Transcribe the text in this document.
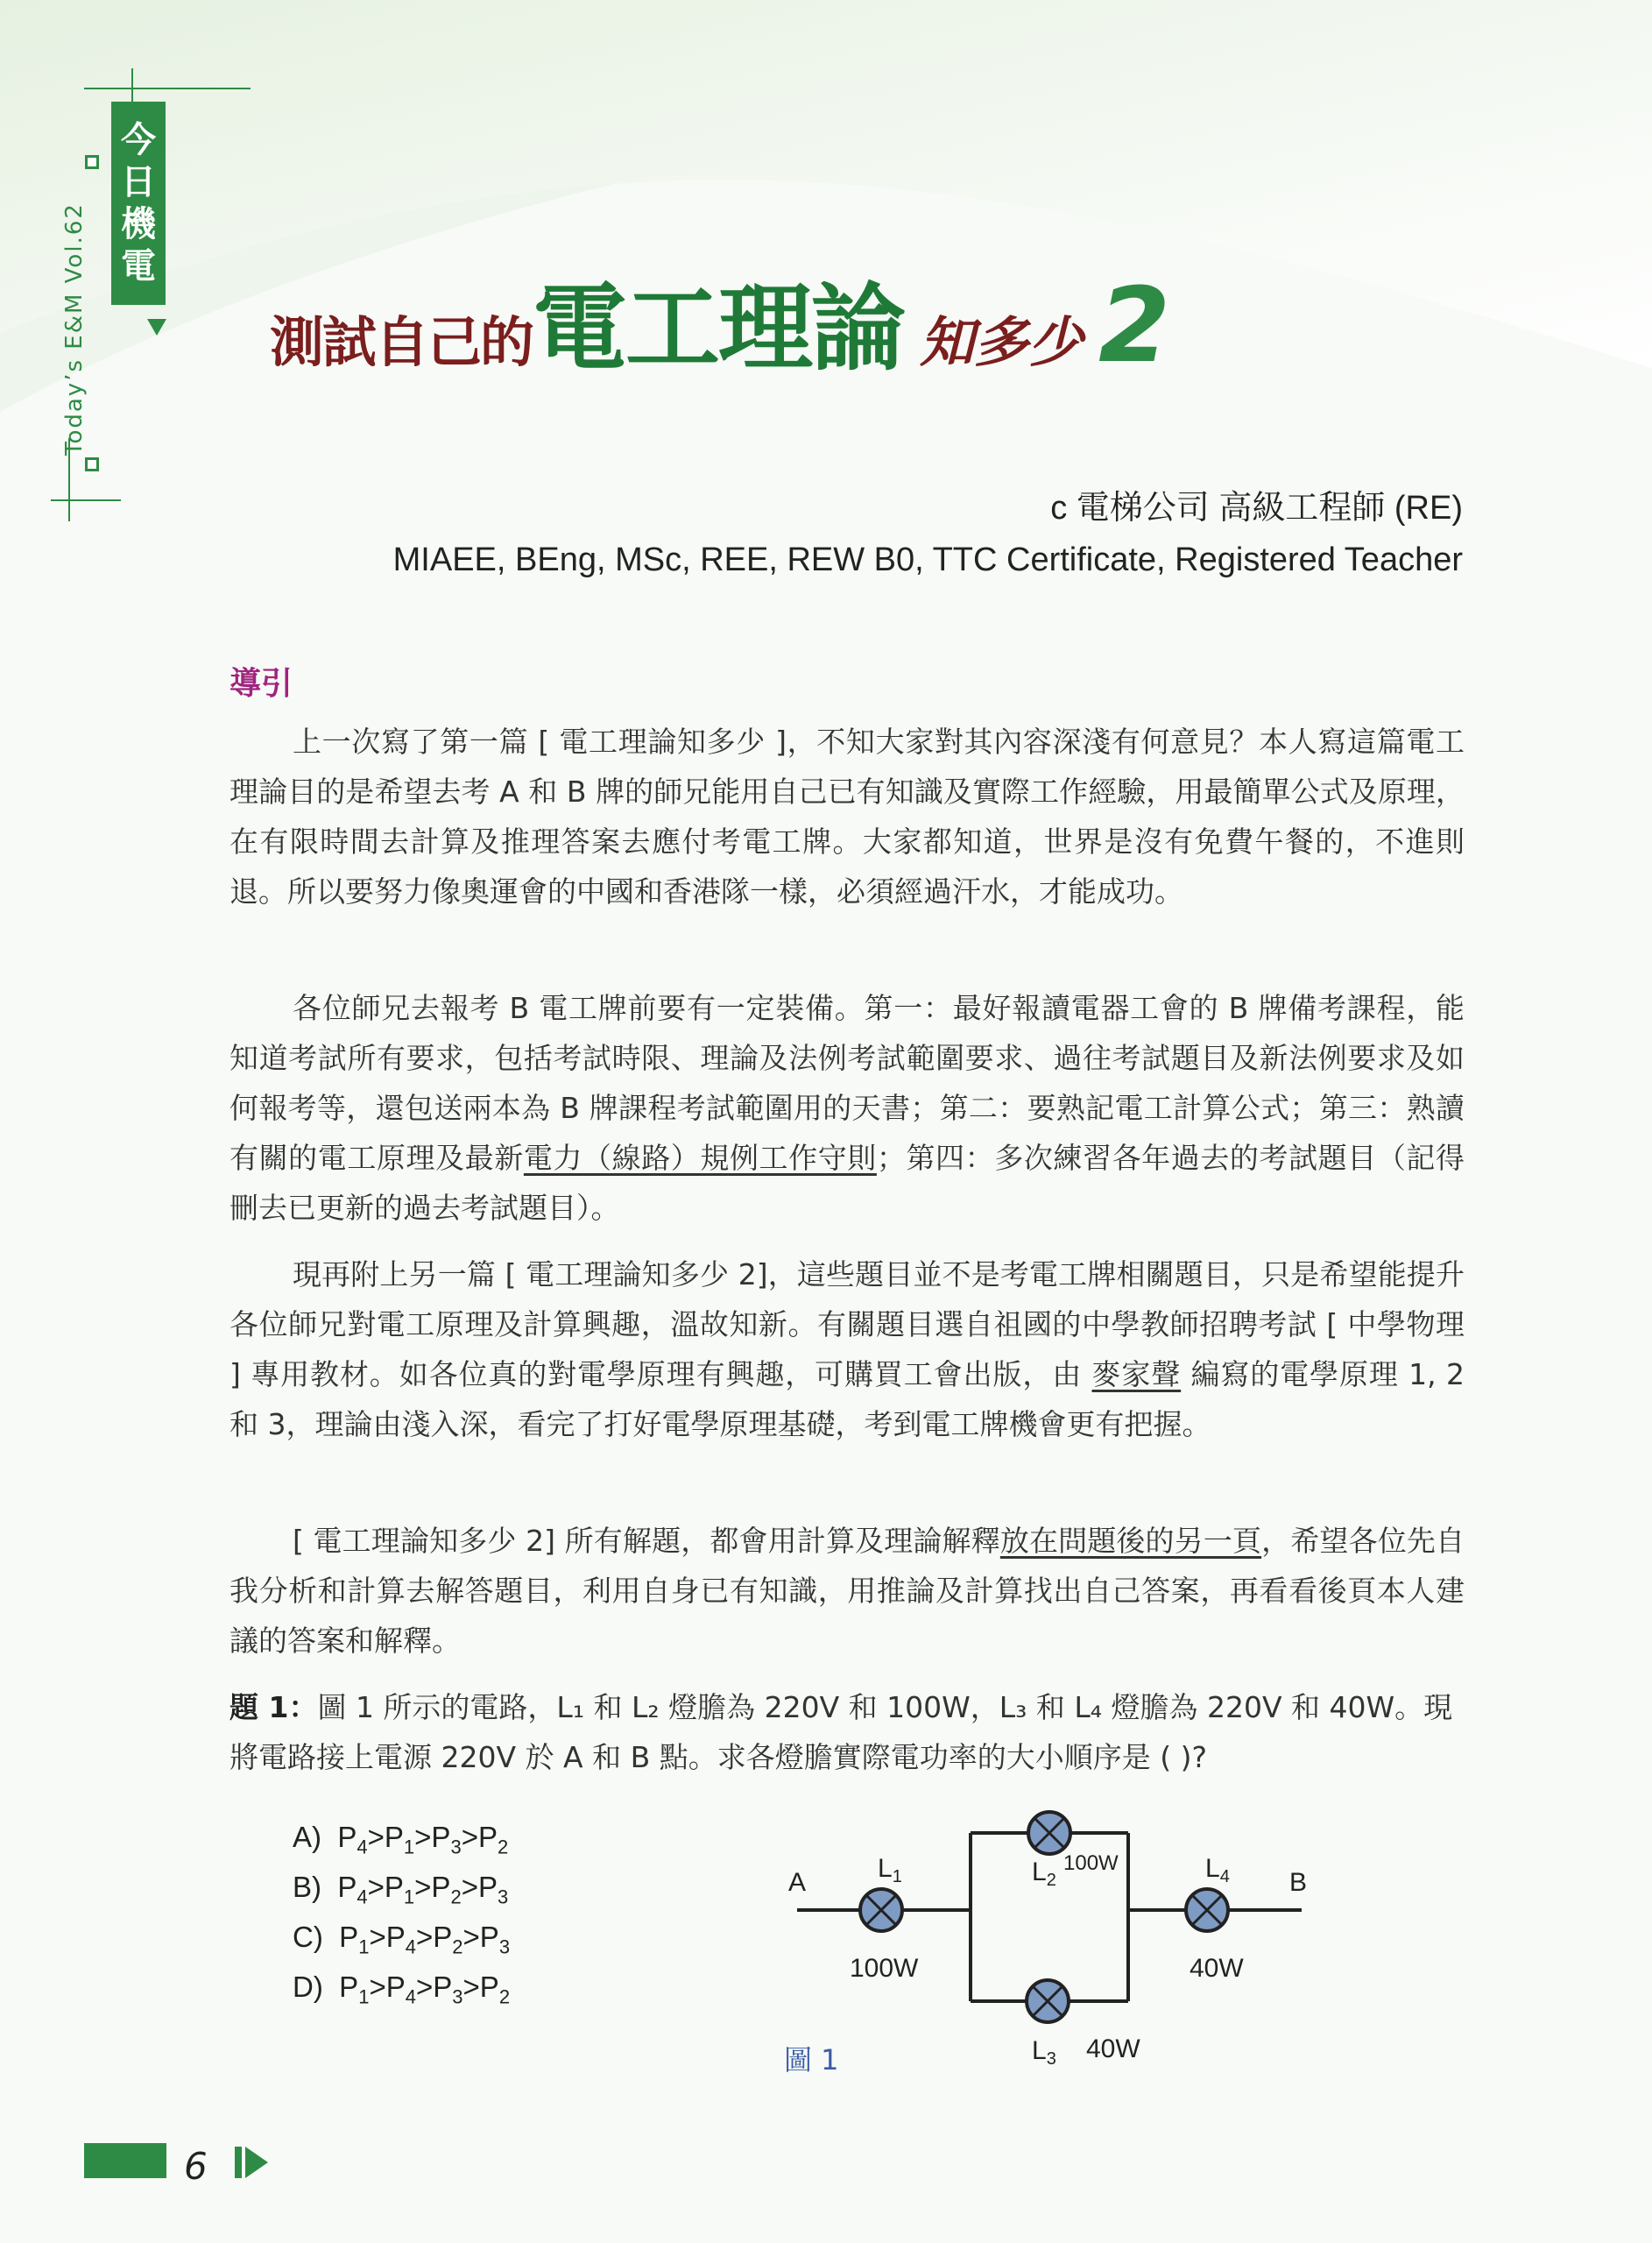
今
日
機
電
Today’s E&M Vol.62	測試自己的電工理論 知多少 2
c 電梯公司 高級工程師 (RE)
MIAEE, BEng, MSc, REE, REW B0, TTC Certificate, Registered Teacher
導引

上一次寫了第一篇 [ 電工理論知多少 ]，不知大家對其內容深淺有何意見？本人寫這篇電工理論目的是希望去考 A 和 B 牌的師兄能用自己已有知識及實際工作經驗，用最簡單公式及原理，在有限時間去計算及推理答案去應付考電工牌。大家都知道，世界是沒有免費午餐的，不進則退。所以要努力像奧運會的中國和香港隊一樣，必須經過汗水，才能成功。

各位師兄去報考 B 電工牌前要有一定裝備。第一：最好報讀電器工會的 B 牌備考課程，能知道考試所有要求，包括考試時限、理論及法例考試範圍要求、過往考試題目及新法例要求及如何報考等，還包送兩本為 B 牌課程考試範圍用的天書；第二：要熟記電工計算公式；第三：熟讀有關的電工原理及最新電力（線路）規例工作守則；第四：多次練習各年過去的考試題目（記得刪去已更新的過去考試題目）。

現再附上另一篇 [ 電工理論知多少 2]，這些題目並不是考電工牌相關題目，只是希望能提升各位師兄對電工原理及計算興趣，溫故知新。有關題目選自祖國的中學教師招聘考試 [ 中學物理 ] 專用教材。如各位真的對電學原理有興趣，可購買工會出版，由 麥家聲 編寫的電學原理 1, 2 和 3，理論由淺入深，看完了打好電學原理基礎，考到電工牌機會更有把握。

[ 電工理論知多少 2] 所有解題，都會用計算及理論解釋放在問題後的另一頁，希望各位先自我分析和計算去解答題目，利用自身已有知識，用推論及計算找出自己答案，再看看後頁本人建議的答案和解釋。

題 1：圖 1 所示的電路，L₁ 和 L₂ 燈膽為 220V 和 100W，L₃ 和 L₄ 燈膽為 220V 和 40W。現將電路接上電源 220V 於 A 和 B 點。求各燈膽實際電功率的大小順序是 ( )?

A)  $P_4>P_1>P_3>P_2$
B)  $P_4>P_1>P_2>P_3$
C)  $P_1>P_4>P_2>P_3$
D)  $P_1>P_4>P_3>P_2$
A	B
$L_1$	$L_2$
$L_3$
$L_4$
100W
100W
40W
40W
圖 1
6
